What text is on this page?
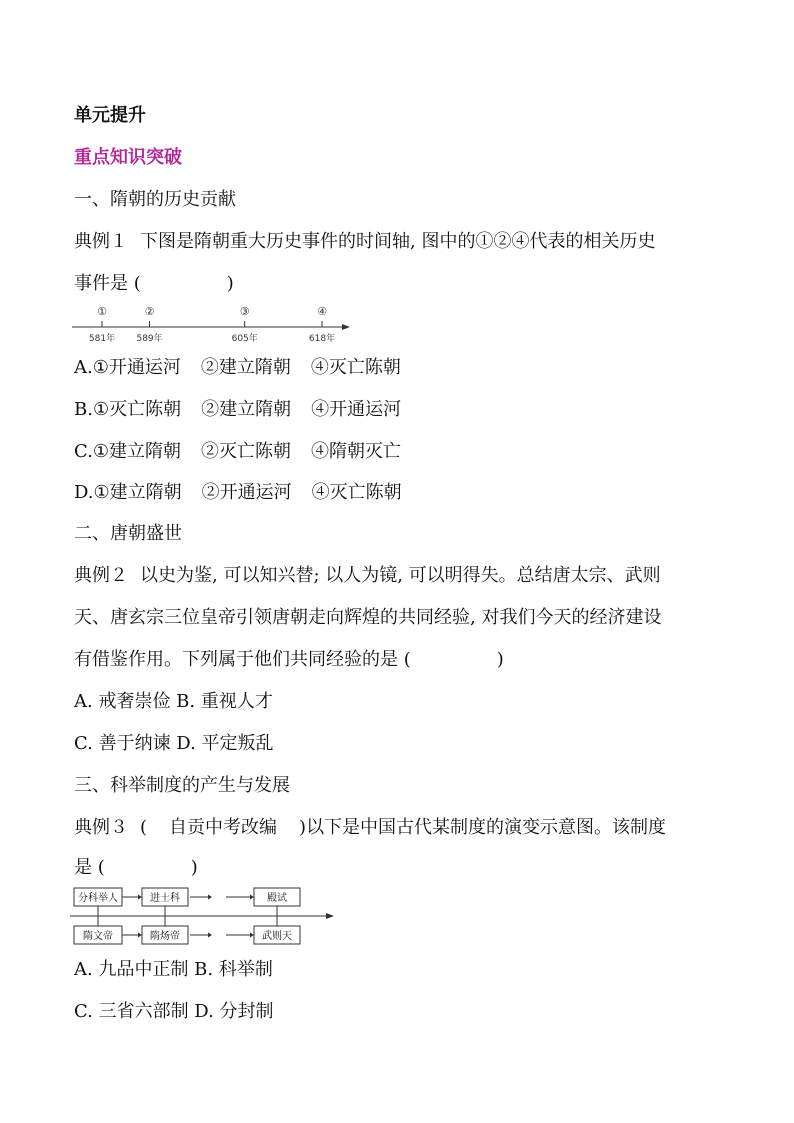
单元提升
重点知识突破
一、隋朝的历史贡献
典例１ 下图是隋朝重大历史事件的时间轴, 图中的①②④代表的相关历史
事件是 (	)
①
581年
②
589年
③
605年
④
618年
A.①开通运河 ②建立隋朝 ④灭亡陈朝
B.①灭亡陈朝 ②建立隋朝 ④开通运河
C.①建立隋朝 ②灭亡陈朝 ④隋朝灭亡
D.①建立隋朝 ②开通运河 ④灭亡陈朝
二、唐朝盛世
典例２ 以史为鉴, 可以知兴替; 以人为镜, 可以明得失。总结唐太宗、武则
天、唐玄宗三位皇帝引领唐朝走向辉煌的共同经验, 对我们今天的经济建设
有借鉴作用。下列属于他们共同经验的是 (	)
A. 戒奢崇俭 B. 重视人才
C. 善于纳谏 D. 平定叛乱
三、科举制度的产生与发展
典例３ ( 自贡中考改编 )以下是中国古代某制度的演变示意图。该制度
是 (	)
分科举人	进士科	殿试
隋文帝	隋炀帝	武则天
A. 九品中正制 B. 科举制
C. 三省六部制 D. 分封制
